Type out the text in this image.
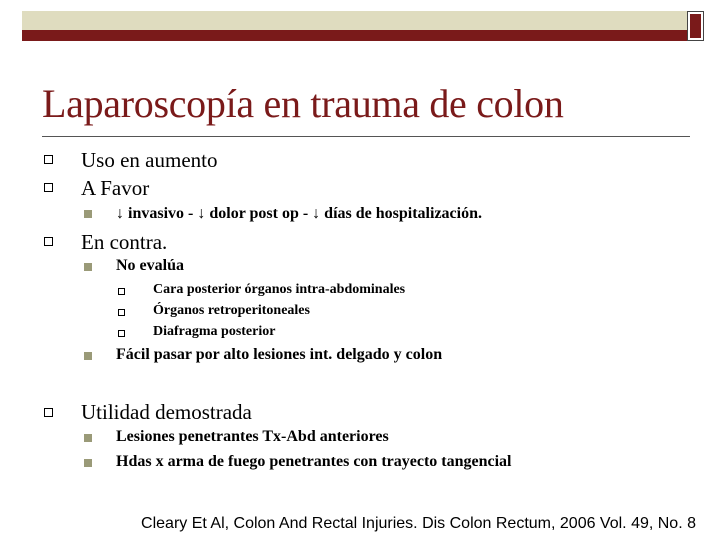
Laparoscopía en trauma de colon
Uso en aumento
A Favor
↓ invasivo - ↓ dolor post op - ↓ días de hospitalización.
En contra.
No evalúa
Cara posterior órganos intra-abdominales
Órganos retroperitoneales
Diafragma posterior
Fácil pasar por alto lesiones int. delgado y colon
Utilidad demostrada
Lesiones penetrantes Tx-Abd anteriores
Hdas x arma de fuego penetrantes con trayecto tangencial
Cleary Et Al, Colon And Rectal Injuries. Dis Colon Rectum, 2006 Vol. 49, No. 8
